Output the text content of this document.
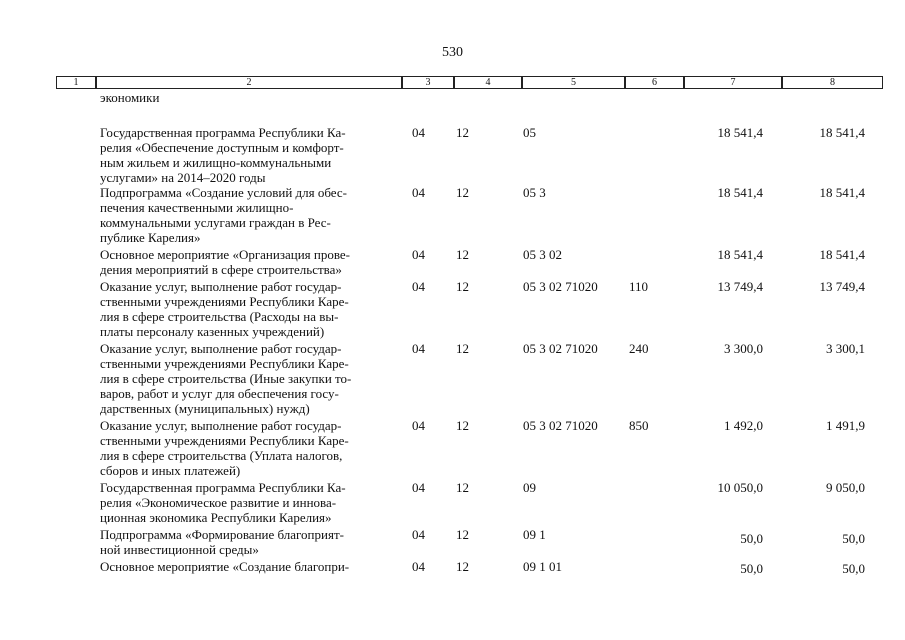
530
1	2	3	4	5	6	7	8
экономики
Государственная программа Республики Ка-
релия «Обеспечение доступным и комфорт-
ным жильем и жилищно-коммунальными
услугами» на 2014–2020 годы
04 12	05	18 541,4	18 541,4
Подпрограмма «Создание условий для обес-
печения качественными жилищно-
коммунальными услугами граждан в Рес-
публике Карелия»
04 12	05 3	18 541,4	18 541,4
Основное мероприятие «Организация прове-
дения мероприятий в сфере строительства»
04 12	05 3 02	18 541,4	18 541,4
Оказание услуг, выполнение работ государ-
ственными учреждениями Республики Каре-
лия в сфере строительства (Расходы на вы-
платы персоналу казенных учреждений)
04 12	05 3 02 71020 110	13 749,4	13 749,4
Оказание услуг, выполнение работ государ-
ственными учреждениями Республики Каре-
лия в сфере строительства (Иные закупки то-
варов, работ и услуг для обеспечения госу-
дарственных (муниципальных) нужд)
04 12	05 3 02 71020 240	3 300,0	3 300,1
Оказание услуг, выполнение работ государ-
ственными учреждениями Республики Каре-
лия в сфере строительства (Уплата налогов,
сборов и иных платежей)
04 12	05 3 02 71020 850	1 492,0	1 491,9
Государственная программа Республики Ка-
релия «Экономическое развитие и иннова-
ционная экономика Республики Карелия»
04 12	09	10 050,0	9 050,0
Подпрограмма «Формирование благоприят-
ной инвестиционной среды»
04 12	09 1	50,0	50,0
Основное мероприятие «Создание благопри-	04 12	09 1 01	50,0	50,0
